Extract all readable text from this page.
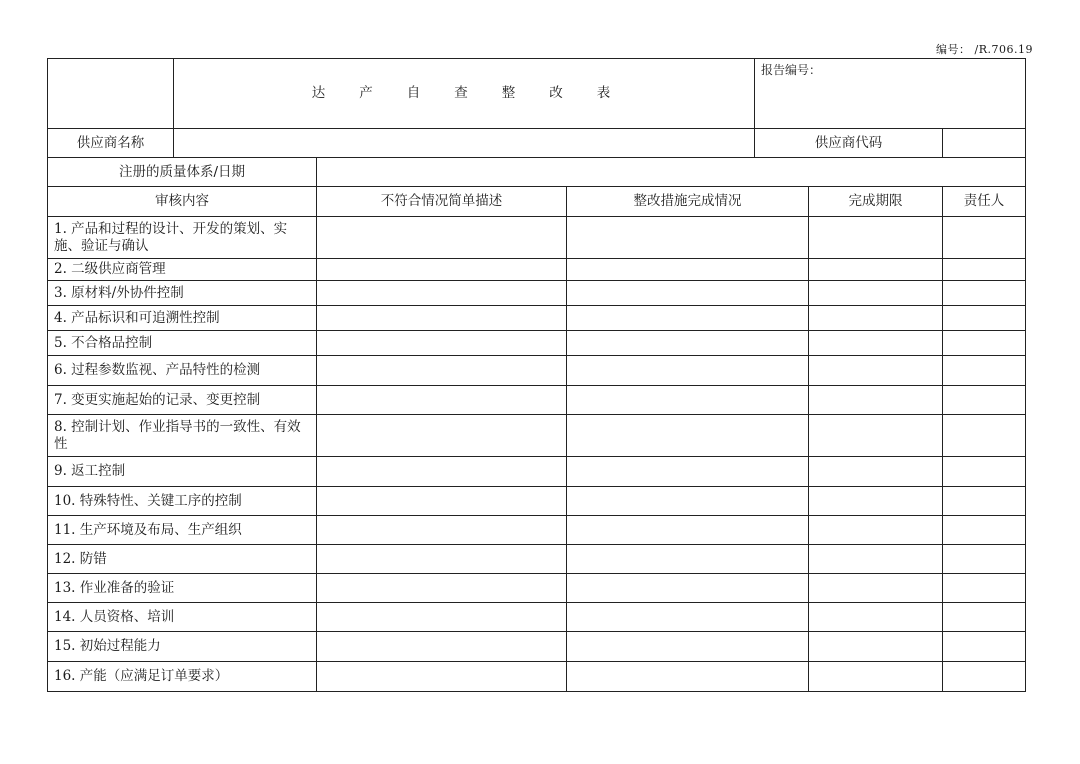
编号： /R.706.19
	达产自查整改表			报告编号：		
供应商名称				供应商代码		
注册的质量体系/日期						
审核内容		不符合情况简单描述	整改措施完成情况		完成期限	责任人
1. 产品和过程的设计、开发的策划、实施、验证与确认						
2. 二级供应商管理						
3. 原材料/外协件控制						
4. 产品标识和可追溯性控制						
5. 不合格品控制						
6. 过程参数监视、产品特性的检测						
7. 变更实施起始的记录、变更控制						
8. 控制计划、作业指导书的一致性、有效性						
9. 返工控制						
10. 特殊特性、关键工序的控制						
11. 生产环境及布局、生产组织						
12. 防错						
13. 作业准备的验证						
14. 人员资格、培训						
15. 初始过程能力						
16. 产能（应满足订单要求）						
